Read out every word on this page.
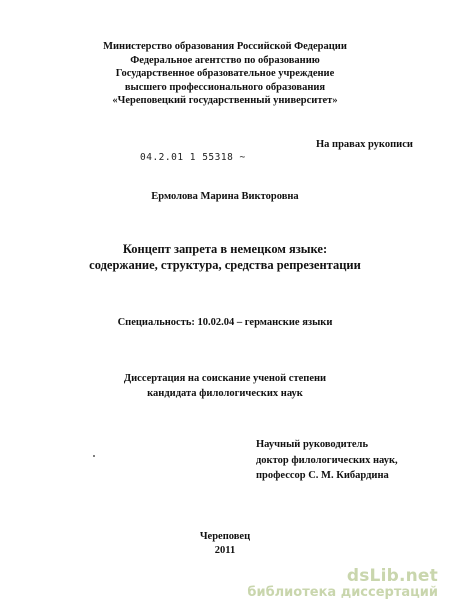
Министерство образования Российской Федерации
Федеральное агентство по образованию
Государственное образовательное учреждение
высшего профессионального образования
«Череповецкий государственный университет»
На правах рукописи
04.2.01 1 55318 ~
Ермолова Марина Викторовна
Концепт запрета в немецком языке:
содержание, структура, средства репрезентации
Специальность: 10.02.04 – германские языки
Диссертация на соискание ученой степени
кандидата филологических наук
Научный руководитель
доктор филологических наук,
профессор С. М. Кибардина
Череповец
2011
dsLib.net
библиотека диссертаций
